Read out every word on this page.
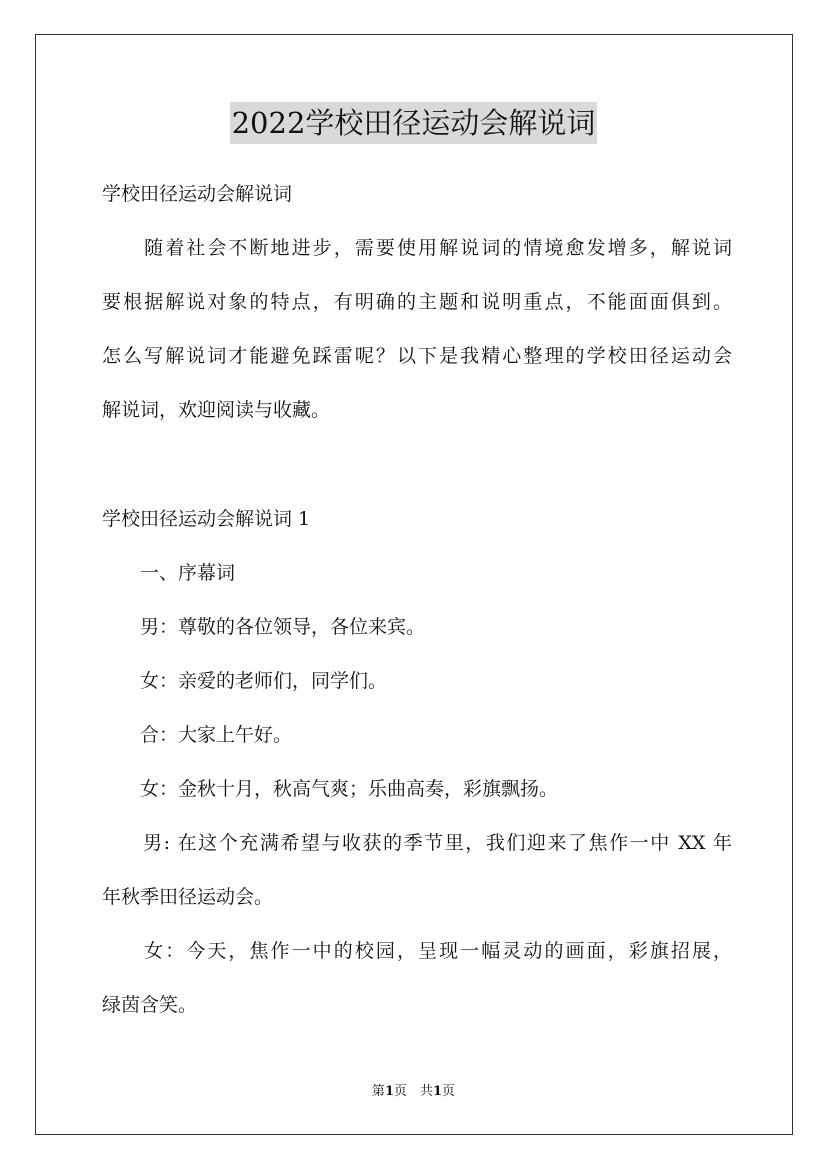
2022学校田径运动会解说词
学校田径运动会解说词
　　随着社会不断地进步，需要使用解说词的情境愈发增多，解说词
要根据解说对象的特点，有明确的主题和说明重点，不能面面俱到。
怎么写解说词才能避免踩雷呢？以下是我精心整理的学校田径运动会
解说词，欢迎阅读与收藏。
学校田径运动会解说词 1
　　一、序幕词
　　男：尊敬的各位领导，各位来宾。
　　女：亲爱的老师们，同学们。
　　合：大家上午好。
　　女：金秋十月，秋高气爽；乐曲高奏，彩旗飘扬。
　　男: 在这个充满希望与收获的季节里，我们迎来了焦作一中 XX 年
年秋季田径运动会。
　　女：今天，焦作一中的校园，呈现一幅灵动的画面，彩旗招展，
绿茵含笑。
第1页　共1页
